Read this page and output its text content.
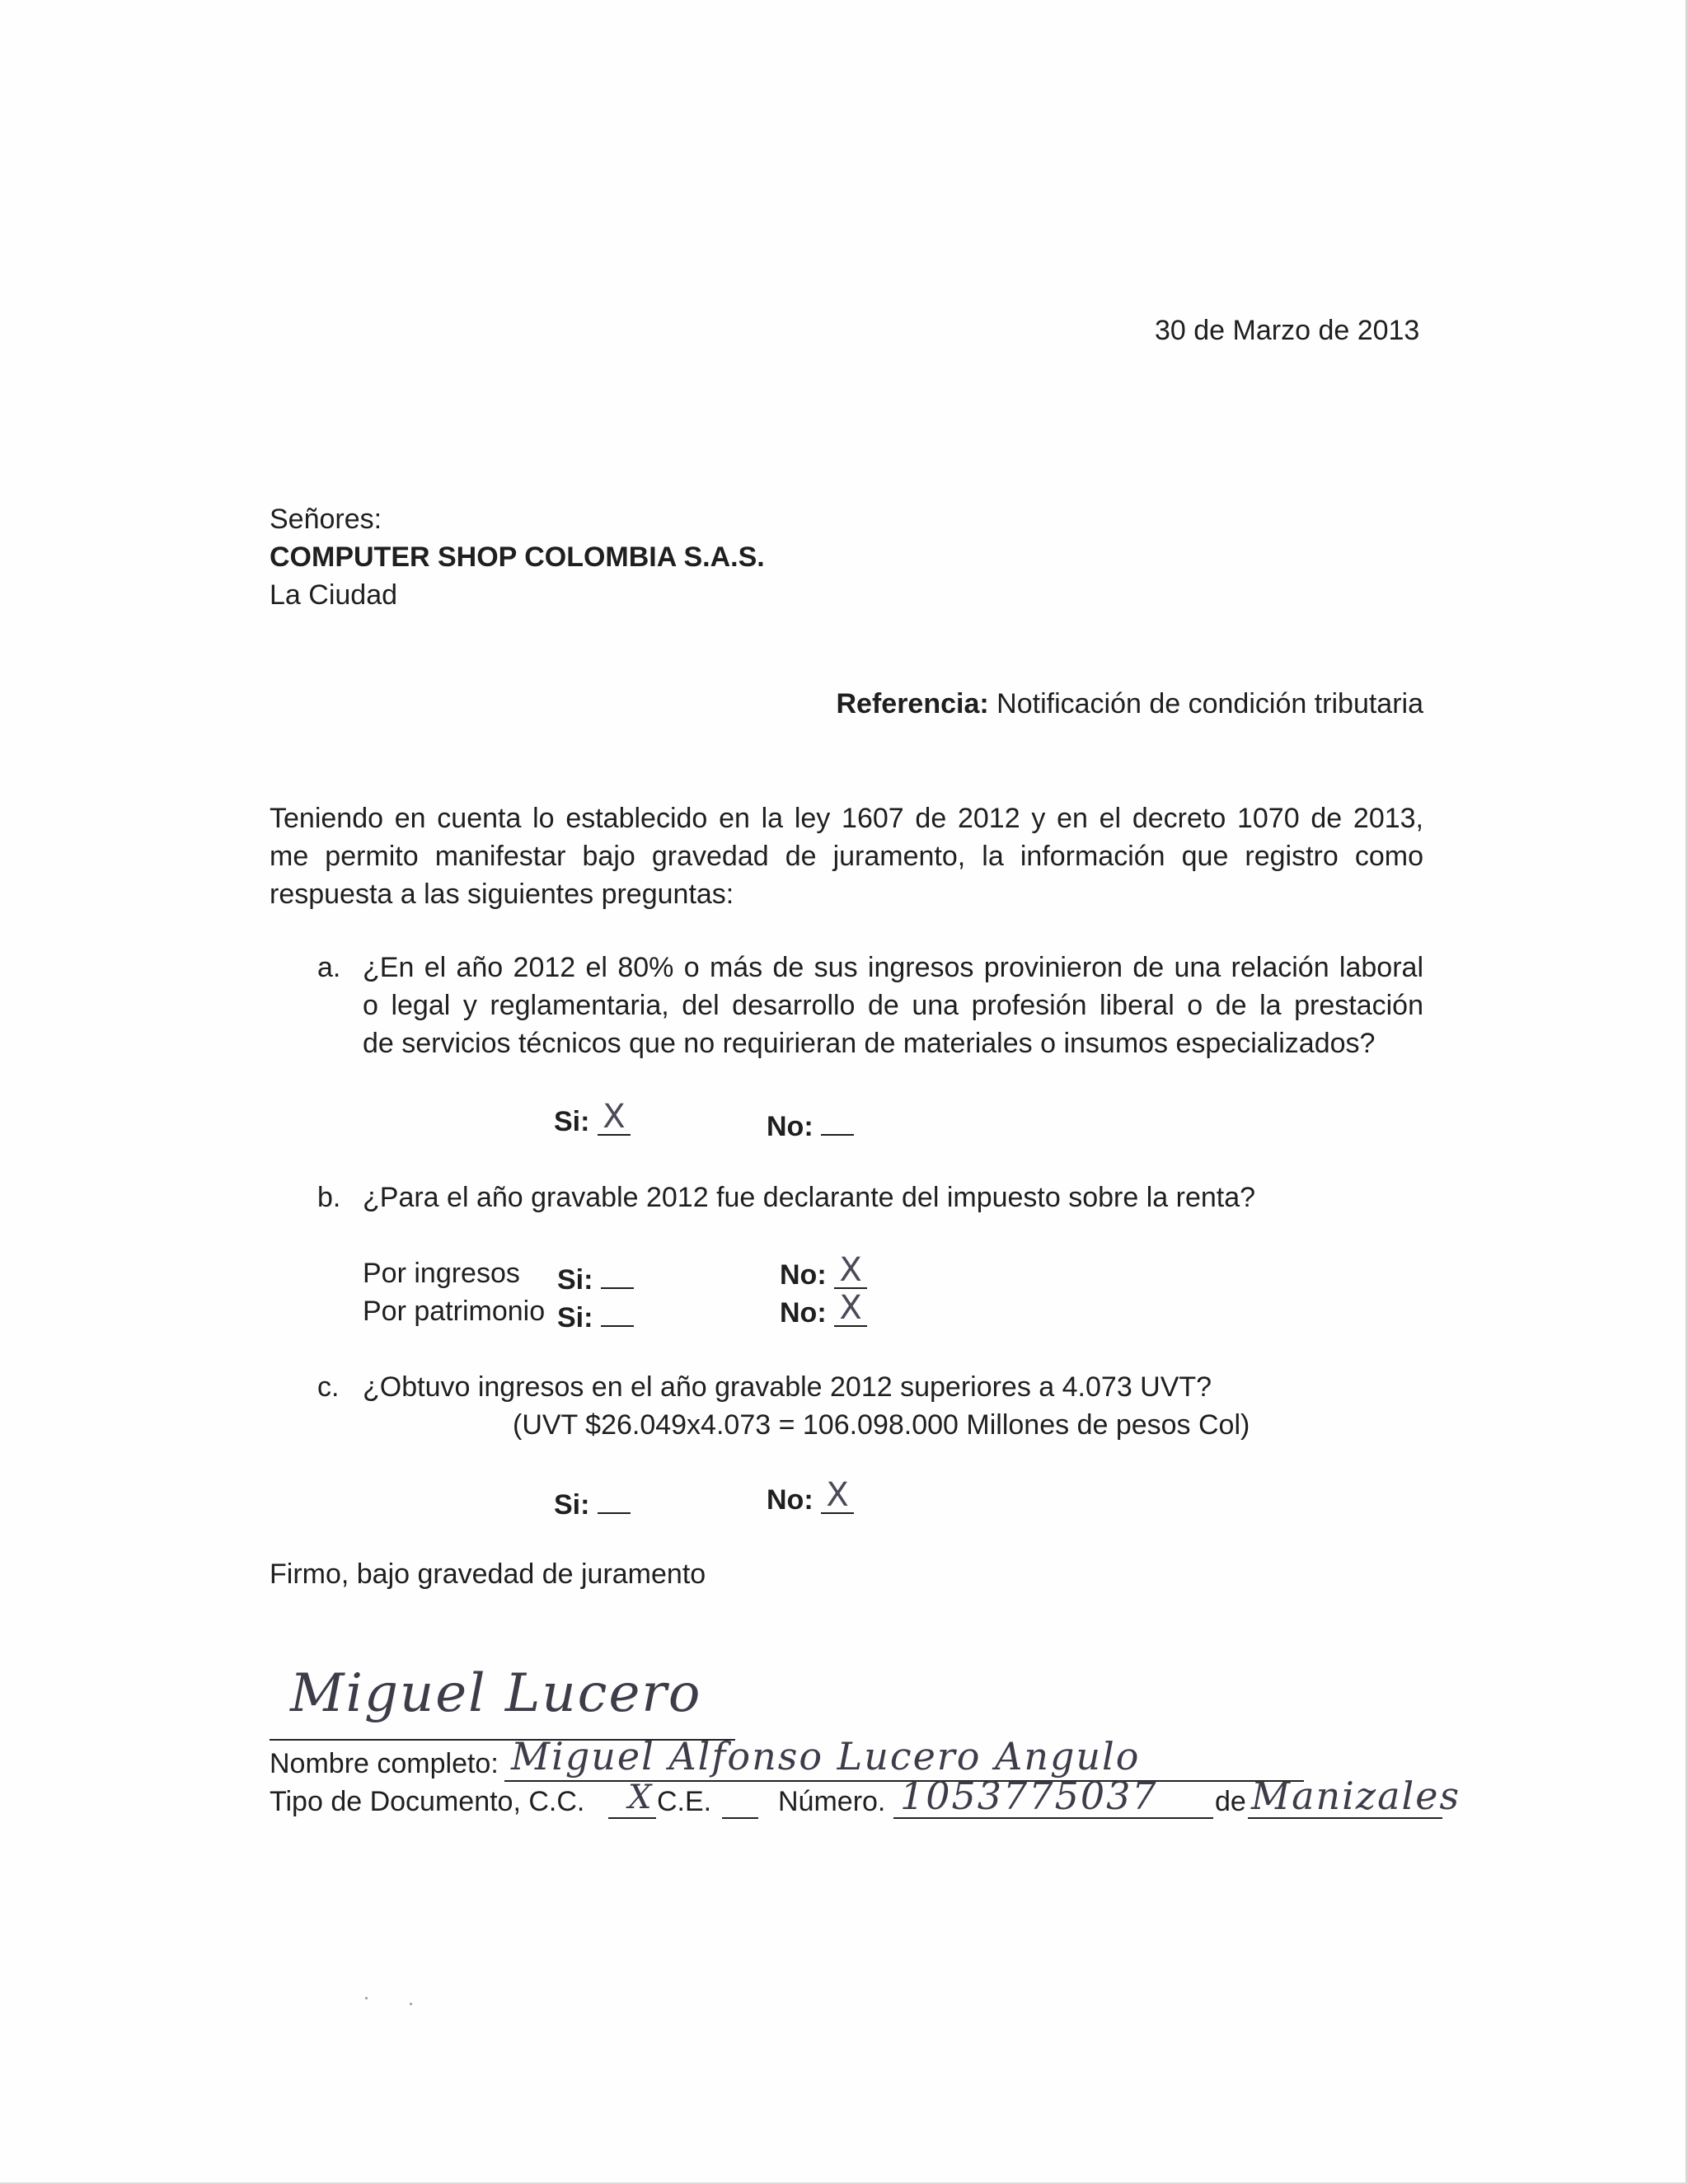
30 de Marzo de 2013
Señores:
COMPUTER SHOP COLOMBIA S.A.S.
La Ciudad
Referencia: Notificación de condición tributaria
Teniendo en cuenta lo establecido en la ley 1607 de 2012 y en el decreto 1070 de 2013,
me permito manifestar bajo gravedad de juramento, la información que registro como
respuesta a las siguientes preguntas:
a. ¿En el año 2012 el 80% o más de sus ingresos provinieron de una relación laboral
o legal y reglamentaria, del desarrollo de una profesión liberal o de la prestación
de servicios técnicos que no requirieran de materiales o insumos especializados?
Si: X	No:
b. ¿Para el año gravable 2012 fue declarante del impuesto sobre la renta?
Por ingresos Si:	No: X
Por patrimonio Si:	No: X
c. ¿Obtuvo ingresos en el año gravable 2012 superiores a 4.073 UVT?
(UVT $26.049x4.073 = 106.098.000 Millones de pesos Col)
Si:	No: X
Firmo, bajo gravedad de juramento
Miguel Lucero
Nombre completo: Miguel Alfonso Lucero Angulo
Tipo de Documento, C.C. X C.E. Número. 1053775037 de Manizales
